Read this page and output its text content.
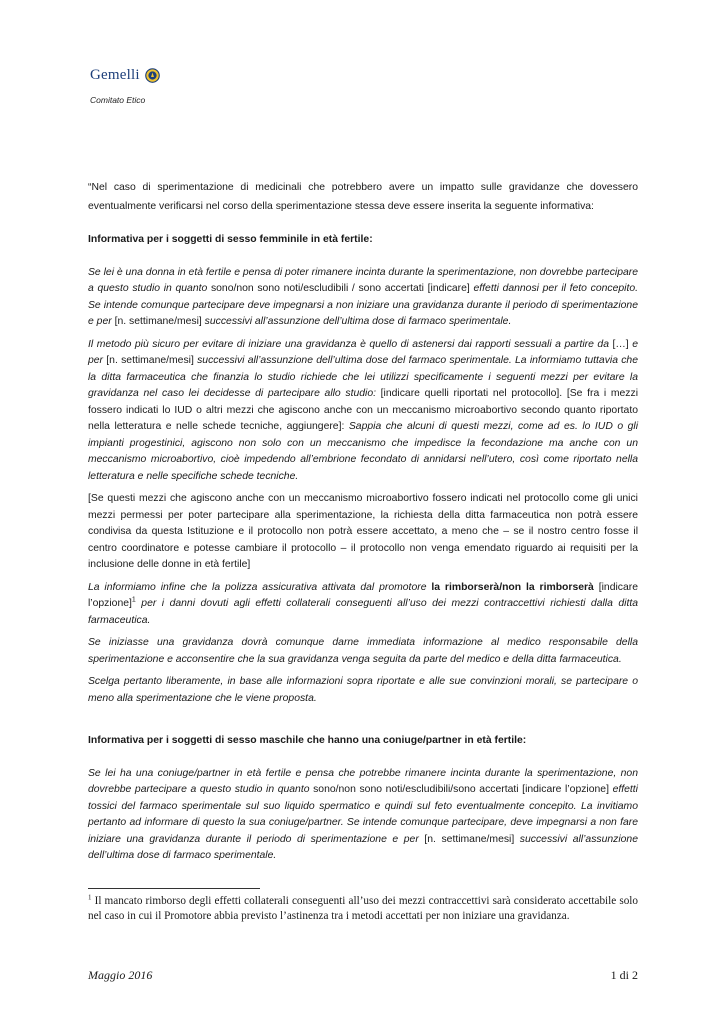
Gemelli
Comitato Etico

“Nel caso di sperimentazione di medicinali che potrebbero avere un impatto sulle gravidanze che dovessero eventualmente verificarsi nel corso della sperimentazione stessa deve essere inserita la seguente informativa:

Informativa per i soggetti di sesso femminile in età fertile:

Se lei è una donna in età fertile e pensa di poter rimanere incinta durante la sperimentazione, non dovrebbe partecipare a questo studio in quanto sono/non sono noti/escludibili / sono accertati [indicare] effetti dannosi per il feto concepito. Se intende comunque partecipare deve impegnarsi a non iniziare una gravidanza durante il periodo di sperimentazione e per [n. settimane/mesi] successivi all’assunzione dell’ultima dose di farmaco sperimentale.

Il metodo più sicuro per evitare di iniziare una gravidanza è quello di astenersi dai rapporti sessuali a partire da […] e per [n. settimane/mesi] successivi all’assunzione dell’ultima dose del farmaco sperimentale. La informiamo tuttavia che la ditta farmaceutica che finanzia lo studio richiede che lei utilizzi specificamente i seguenti mezzi per evitare la gravidanza nel caso lei decidesse di partecipare allo studio: [indicare quelli riportati nel protocollo]. [Se fra i mezzi fossero indicati lo IUD o altri mezzi che agiscono anche con un meccanismo microabortivo secondo quanto riportato nella letteratura e nelle schede tecniche, aggiungere]: Sappia che alcuni di questi mezzi, come ad es. lo IUD o gli impianti progestinici, agiscono non solo con un meccanismo che impedisce la fecondazione ma anche con un meccanismo microabortivo, cioè impedendo all’embrione fecondato di annidarsi nell’utero, così come riportato nella letteratura e nelle specifiche schede tecniche.

[Se questi mezzi che agiscono anche con un meccanismo microabortivo fossero indicati nel protocollo come gli unici mezzi permessi per poter partecipare alla sperimentazione, la richiesta della ditta farmaceutica non potrà essere condivisa da questa Istituzione e il protocollo non potrà essere accettato, a meno che – se il nostro centro fosse il centro coordinatore e potesse cambiare il protocollo – il protocollo non venga emendato riguardo ai requisiti per la inclusione delle donne in età fertile]

La informiamo infine che la polizza assicurativa attivata dal promotore la rimborserà/non la rimborserà [indicare l’opzione]$^1$ per i danni dovuti agli effetti collaterali conseguenti all’uso dei mezzi contraccettivi richiesti dalla ditta farmaceutica.

Se iniziasse una gravidanza dovrà comunque darne immediata informazione al medico responsabile della sperimentazione e acconsentire che la sua gravidanza venga seguita da parte del medico e della ditta farmaceutica.

Scelga pertanto liberamente, in base alle informazioni sopra riportate e alle sue convinzioni morali, se partecipare o meno alla sperimentazione che le viene proposta.

Informativa per i soggetti di sesso maschile che hanno una coniuge/partner in età fertile:

Se lei ha una coniuge/partner in età fertile e pensa che potrebbe rimanere incinta durante la sperimentazione, non dovrebbe partecipare a questo studio in quanto sono/non sono noti/escludibili/sono accertati [indicare l’opzione] effetti tossici del farmaco sperimentale sul suo liquido spermatico e quindi sul feto eventualmente concepito. La invitiamo pertanto ad informare di questo la sua coniuge/partner. Se intende comunque partecipare, deve impegnarsi a non fare iniziare una gravidanza durante il periodo di sperimentazione e per [n. settimane/mesi] successivi all’assunzione dell’ultima dose di farmaco sperimentale.

$^1$ Il mancato rimborso degli effetti collaterali conseguenti all’uso dei mezzi contraccettivi sarà considerato accettabile solo nel caso in cui il Promotore abbia previsto l’astinenza tra i metodi accettati per non iniziare una gravidanza.

Maggio 2016	1 di 2
